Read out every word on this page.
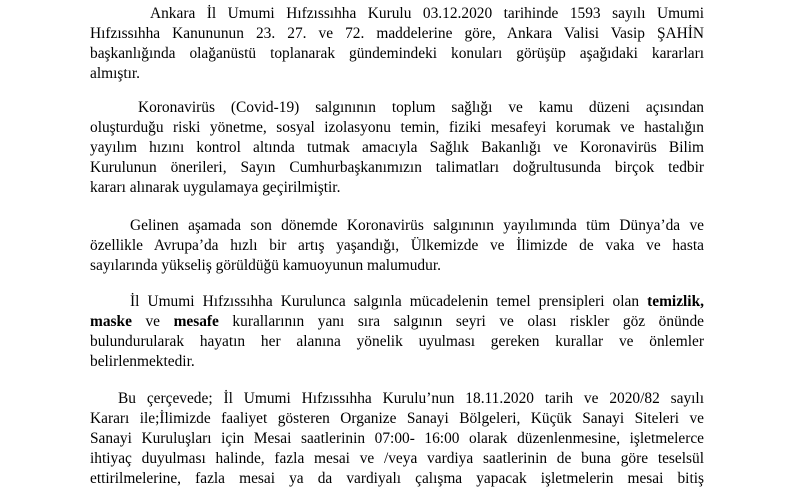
Ankara İl Umumi Hıfzıssıhha Kurulu 03.12.2020 tarihinde 1593 sayılı Umumi
Hıfzıssıhha Kanununun 23. 27. ve 72. maddelerine göre, Ankara Valisi Vasip ŞAHİN
başkanlığında olağanüstü toplanarak gündemindeki konuları görüşüp aşağıdaki kararları
almıştır.
Koronavirüs (Covid-19) salgınının toplum sağlığı ve kamu düzeni açısından
oluşturduğu riski yönetme, sosyal izolasyonu temin, fiziki mesafeyi korumak ve hastalığın
yayılım hızını kontrol altında tutmak amacıyla Sağlık Bakanlığı ve Koronavirüs Bilim
Kurulunun önerileri, Sayın Cumhurbaşkanımızın talimatları doğrultusunda birçok tedbir
kararı alınarak uygulamaya geçirilmiştir.
Gelinen aşamada son dönemde Koronavirüs salgınının yayılımında tüm Dünya’da ve
özellikle Avrupa’da hızlı bir artış yaşandığı, Ülkemizde ve İlimizde de vaka ve hasta
sayılarında yükseliş görüldüğü kamuoyunun malumudur.
İl Umumi Hıfzıssıhha Kurulunca salgınla mücadelenin temel prensipleri olan temizlik,
maske ve mesafe kurallarının yanı sıra salgının seyri ve olası riskler göz önünde
bulundurularak hayatın her alanına yönelik uyulması gereken kurallar ve önlemler
belirlenmektedir.
Bu çerçevede; İl Umumi Hıfzıssıhha Kurulu’nun 18.11.2020 tarih ve 2020/82 sayılı
Kararı ile;İlimizde faaliyet gösteren Organize Sanayi Bölgeleri, Küçük Sanayi Siteleri ve
Sanayi Kuruluşları için Mesai saatlerinin 07:00- 16:00 olarak düzenlenmesine, işletmelerce
ihtiyaç duyulması halinde, fazla mesai ve /veya vardiya saatlerinin de buna göre teselsül
ettirilmelerine, fazla mesai ya da vardiyalı çalışma yapacak işletmelerin mesai bitiş
